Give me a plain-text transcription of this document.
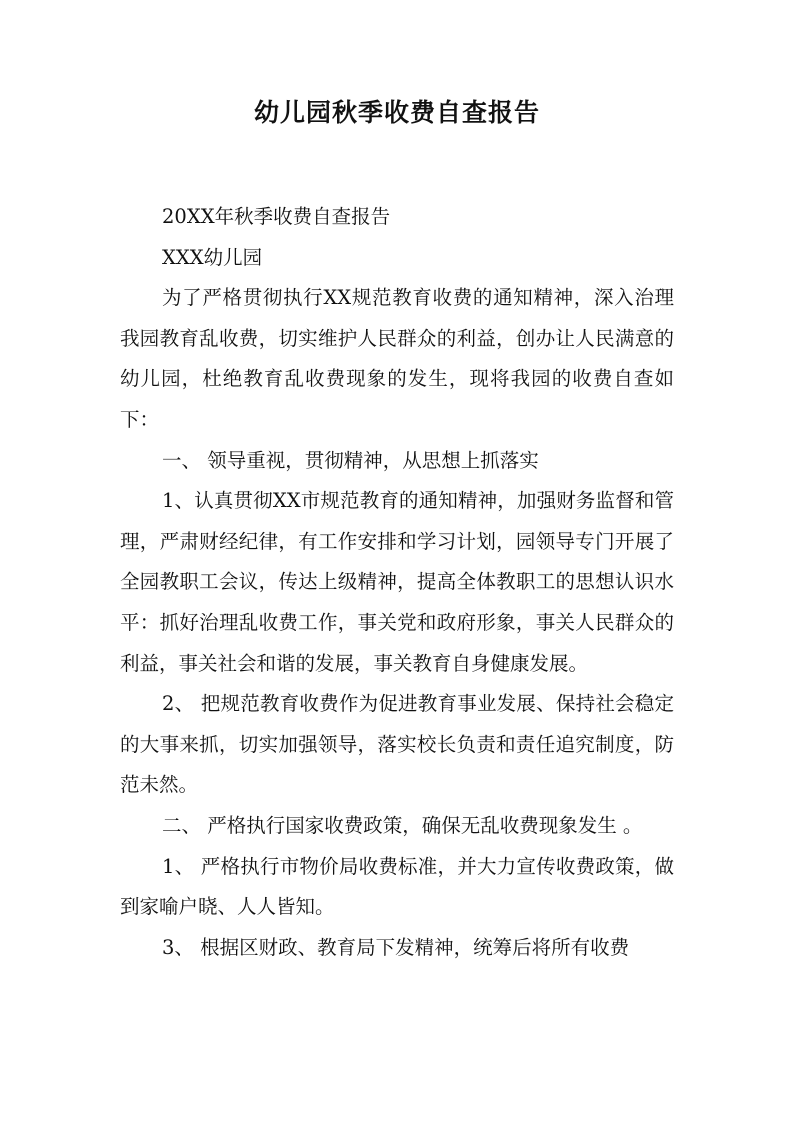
幼儿园秋季收费自查报告

20XX年秋季收费自查报告

XXX幼儿园

为了严格贯彻执行XX规范教育收费的通知精神，深入治理我园教育乱收费，切实维护人民群众的利益，创办让人民满意的幼儿园，杜绝教育乱收费现象的发生，现将我园的收费自查如下：

一、 领导重视，贯彻精神，从思想上抓落实

1、认真贯彻XX市规范教育的通知精神，加强财务监督和管理，严肃财经纪律，有工作安排和学习计划，园领导专门开展了全园教职工会议，传达上级精神，提高全体教职工的思想认识水平：抓好治理乱收费工作，事关党和政府形象，事关人民群众的利益，事关社会和谐的发展，事关教育自身健康发展。

2、 把规范教育收费作为促进教育事业发展、保持社会稳定的大事来抓，切实加强领导，落实校长负责和责任追究制度，防范未然。

二、 严格执行国家收费政策，确保无乱收费现象发生 。

1、 严格执行市物价局收费标准，并大力宣传收费政策，做到家喻户晓、人人皆知。

3、 根据区财政、教育局下发精神，统筹后将所有收费
